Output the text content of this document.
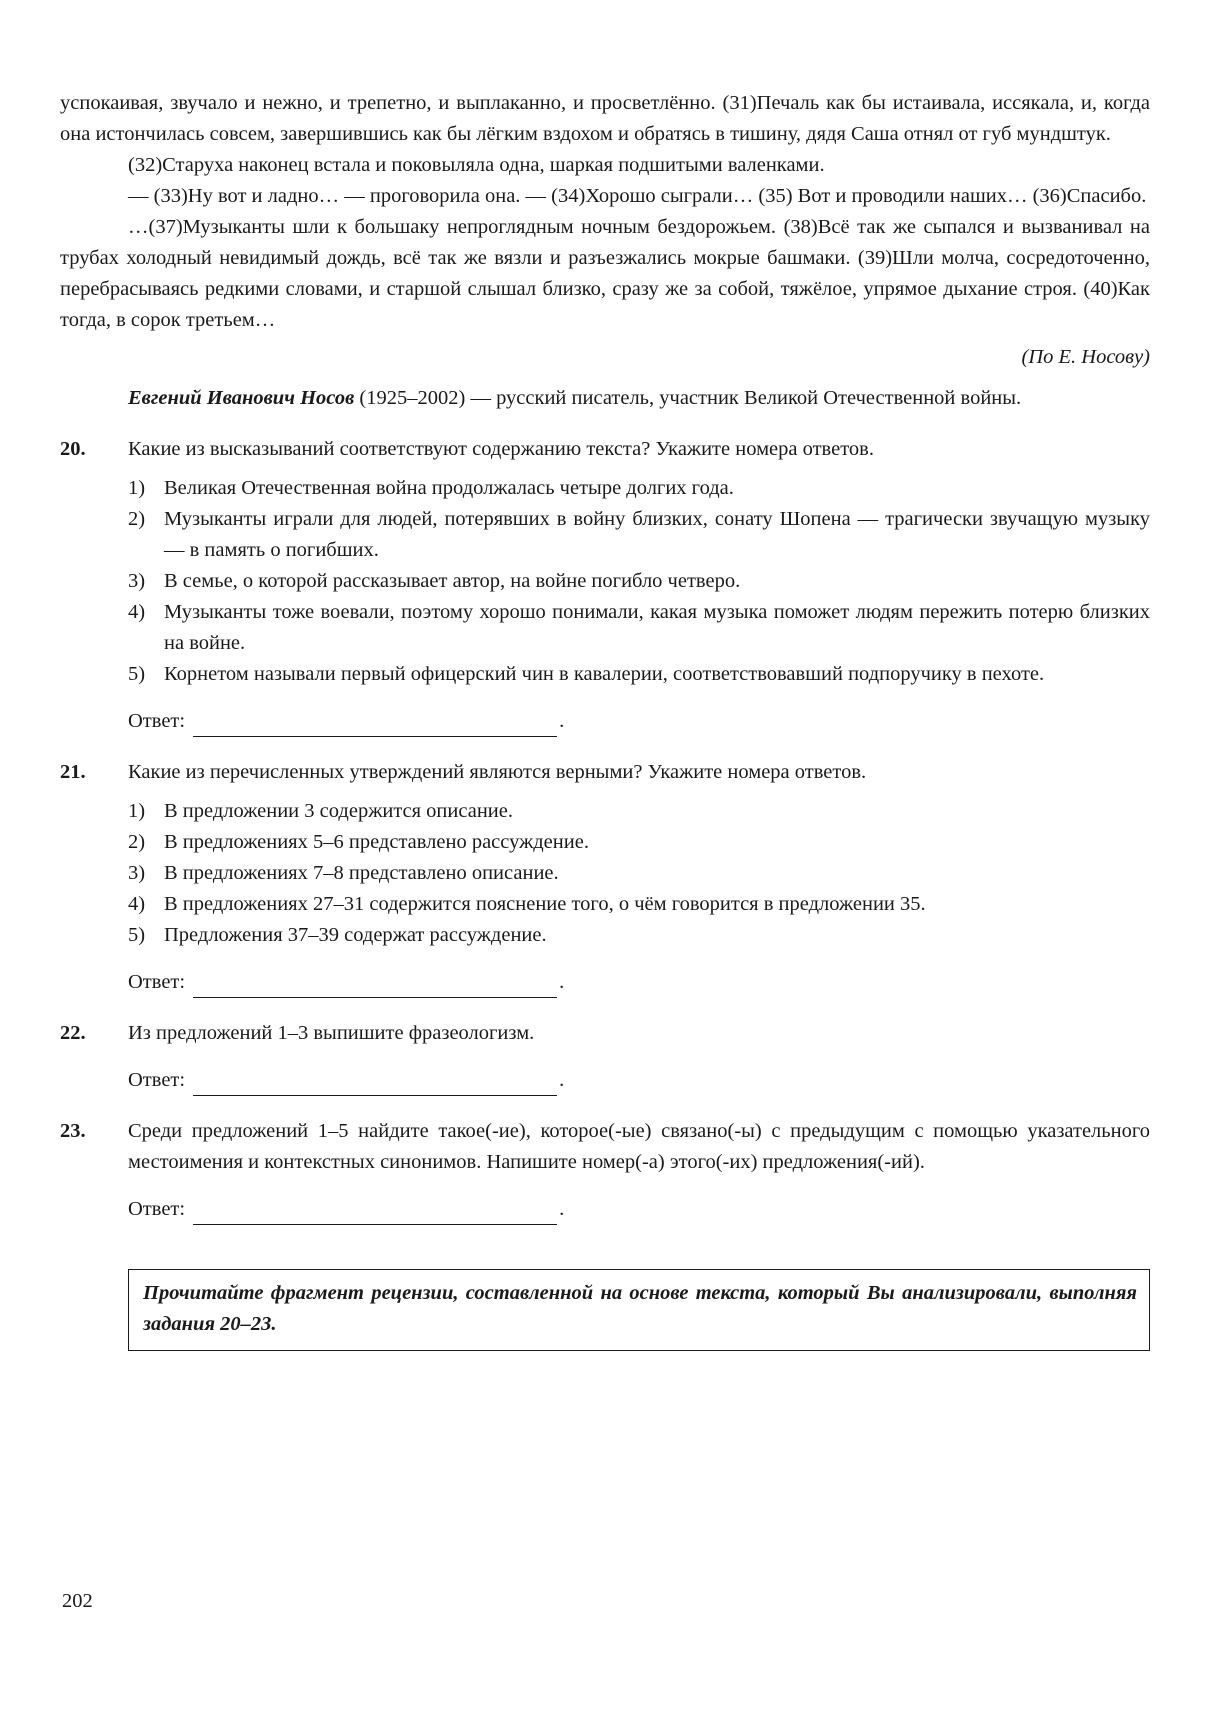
успокаивая, звучало и нежно, и трепетно, и выплаканно, и просветлённо. (31)Печаль как бы истаивала, иссякала, и, когда она истончилась совсем, завершившись как бы лёгким вздохом и обратясь в тишину, дядя Саша отнял от губ мундштук.

(32)Старуха наконец встала и поковыляла одна, шаркая подшитыми валенками.

— (33)Ну вот и ладно… — проговорила она. — (34)Хорошо сыграли… (35) Вот и проводили наших… (36)Спасибо.

…(37)Музыканты шли к большаку непроглядным ночным бездорожьем. (38)Всё так же сыпался и вызванивал на трубах холодный невидимый дождь, всё так же вязли и разъезжались мокрые башмаки. (39)Шли молча, сосредоточенно, перебрасываясь редкими словами, и старшой слышал близко, сразу же за собой, тяжёлое, упрямое дыхание строя. (40)Как тогда, в сорок третьем…

(По Е. Носову)

Евгений Иванович Носов (1925–2002) — русский писатель, участник Великой Отечественной войны.

20.	Какие из высказываний соответствуют содержанию текста? Укажите номера ответов.
1) Великая Отечественная война продолжалась четыре долгих года.
2) Музыканты играли для людей, потерявших в войну близких, сонату Шопена — трагически звучащую музыку — в память о погибших.
3) В семье, о которой рассказывает автор, на войне погибло четверо.
4) Музыканты тоже воевали, поэтому хорошо понимали, какая музыка поможет людям пережить потерю близких на войне.
5) Корнетом называли первый офицерский чин в кавалерии, соответствовавший подпоручику в пехоте.
Ответ:	.
21.	Какие из перечисленных утверждений являются верными? Укажите номера ответов.
1) В предложении 3 содержится описание.
2) В предложениях 5–6 представлено рассуждение.
3) В предложениях 7–8 представлено описание.
4) В предложениях 27–31 содержится пояснение того, о чём говорится в предложении 35.
5) Предложения 37–39 содержат рассуждение.
Ответ:	.
22.	Из предложений 1–3 выпишите фразеологизм.
Ответ:	.
23.	Среди предложений 1–5 найдите такое(-ие), которое(-ые) связано(-ы) с предыдущим с помощью указательного местоимения и контекстных синонимов. Напишите номер(-а) этого(-их) предложения(-ий).
Ответ:	.
Прочитайте фрагмент рецензии, составленной на основе текста, который Вы анализировали, выполняя задания 20–23.
202
